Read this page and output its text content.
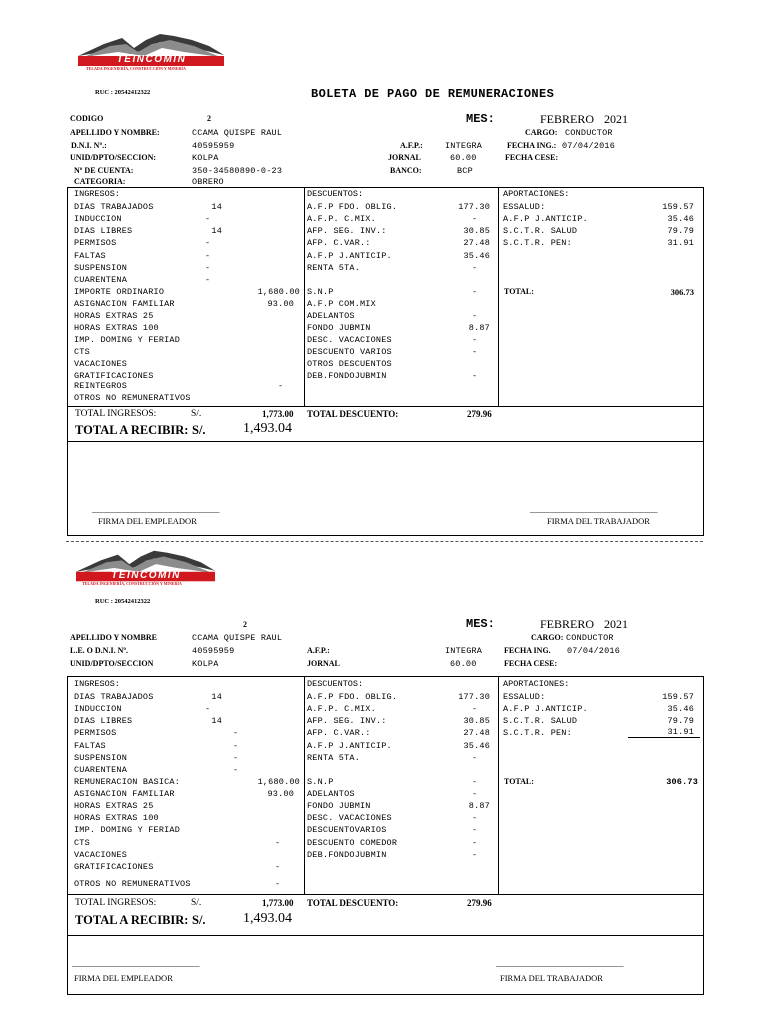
TEINCOMIN
TELADA INGENIERÍA, CONSTRUCCIÓN Y MINERÍA
RUC : 20542412322	BOLETA DE PAGO DE REMUNERACIONES
CODIGO	2	MES:	FEBRERO 2021
APELLIDO Y NOMBRE:	CCAMA QUISPE RAUL	CARGO: CONDUCTOR
D.N.I. Nº.:	40595959	A.F.P.:	INTEGRA	FECHA ING.: 07/04/2016
UNID/DPTO/SECCION:	KOLPA	JORNAL	60.00	FECHA CESE:
Nº DE CUENTA:	350-34580890-0-23	BANCO:	BCP
CATEGORIA:	OBRERO
INGRESOS:	DESCUENTOS:	APORTACIONES:
DIAS TRABAJADOS	14
INDUCCION	-
DIAS LIBRES	14
PERMISOS	-
FALTAS	-
SUSPENSION	-
CUARENTENA	-
IMPORTE ORDINARIO	1,680.00
ASIGNACION FAMILIAR	93.00
HORAS EXTRAS 25
HORAS EXTRAS 100
IMP. DOMING Y FERIAD
CTS
VACACIONES
GRATIFICACIONES
REINTEGROS	-
OTROS NO REMUNERATIVOS
A.F.P FDO. OBLIG.	177.30
A.F.P. C.MIX.	-
AFP. SEG. INV.:	30.85
AFP. C.VAR.:	27.48
A.F.P J.ANTICIP.	35.46
RENTA 5TA.	-
S.N.P	-
A.F.P COM.MIX
ADELANTOS	-
FONDO JUBMIN	8.87
DESC. VACACIONES	-
DESCUENTO VARIOS	-
OTROS DESCUENTOS
DEB.FONDOJUBMIN	-
ESSALUD:	159.57
A.F.P J.ANTICIP.	35.46
S.C.T.R. SALUD	79.79
S.C.T.R. PEN:	31.91
TOTAL:	306.73
TOTAL INGRESOS:	S/.	1,773.00 TOTAL DESCUENTO:	279.96
TOTAL A RECIBIR: S/.	1,493.04
______________________________
FIRMA DEL EMPLEADOR
______________________________
FIRMA DEL TRABAJADOR
TEINCOMIN
TELADA INGENIERÍA, CONSTRUCCIÓN Y MINERÍA
RUC : 20542412322
2	MES:	FEBRERO 2021
APELLIDO Y NOMBRE	CCAMA QUISPE RAUL	CARGO: CONDUCTOR
L.E. O D.N.I. Nº.	40595959	A.F.P.:	INTEGRA	FECHA ING. 07/04/2016
UNID/DPTO/SECCION	KOLPA	JORNAL	60.00	FECHA CESE:
INGRESOS:	DESCUENTOS:	APORTACIONES:
DIAS TRABAJADOS	14
INDUCCION	-
DIAS LIBRES	14
PERMISOS	-
FALTAS	-
SUSPENSION	-
CUARENTENA	-
REMUNERACION BASICA:	1,680.00
ASIGNACION FAMILIAR	93.00
HORAS EXTRAS 25
HORAS EXTRAS 100
IMP. DOMING Y FERIAD
CTS	-
VACACIONES
GRATIFICACIONES	-
OTROS NO REMUNERATIVOS	-
A.F.P FDO. OBLIG.	177.30
A.F.P. C.MIX.	-
AFP. SEG. INV.:	30.85
AFP. C.VAR.:	27.48
A.F.P J.ANTICIP.	35.46
RENTA 5TA.	-
S.N.P	-
ADELANTOS	-
FONDO JUBMIN	8.87
DESC. VACACIONES	-
DESCUENTOVARIOS	-
DESCUENTO COMEDOR	-
DEB.FONDOJUBMIN	-
ESSALUD:	159.57
A.F.P J.ANTICIP.	35.46
S.C.T.R. SALUD	79.79
S.C.T.R. PEN:	31.91
TOTAL:	306.73
TOTAL INGRESOS:	S/.	1,773.00 TOTAL DESCUENTO:	279.96
TOTAL A RECIBIR: S/.	1,493.04
______________________________
FIRMA DEL EMPLEADOR
______________________________
FIRMA DEL TRABAJADOR
